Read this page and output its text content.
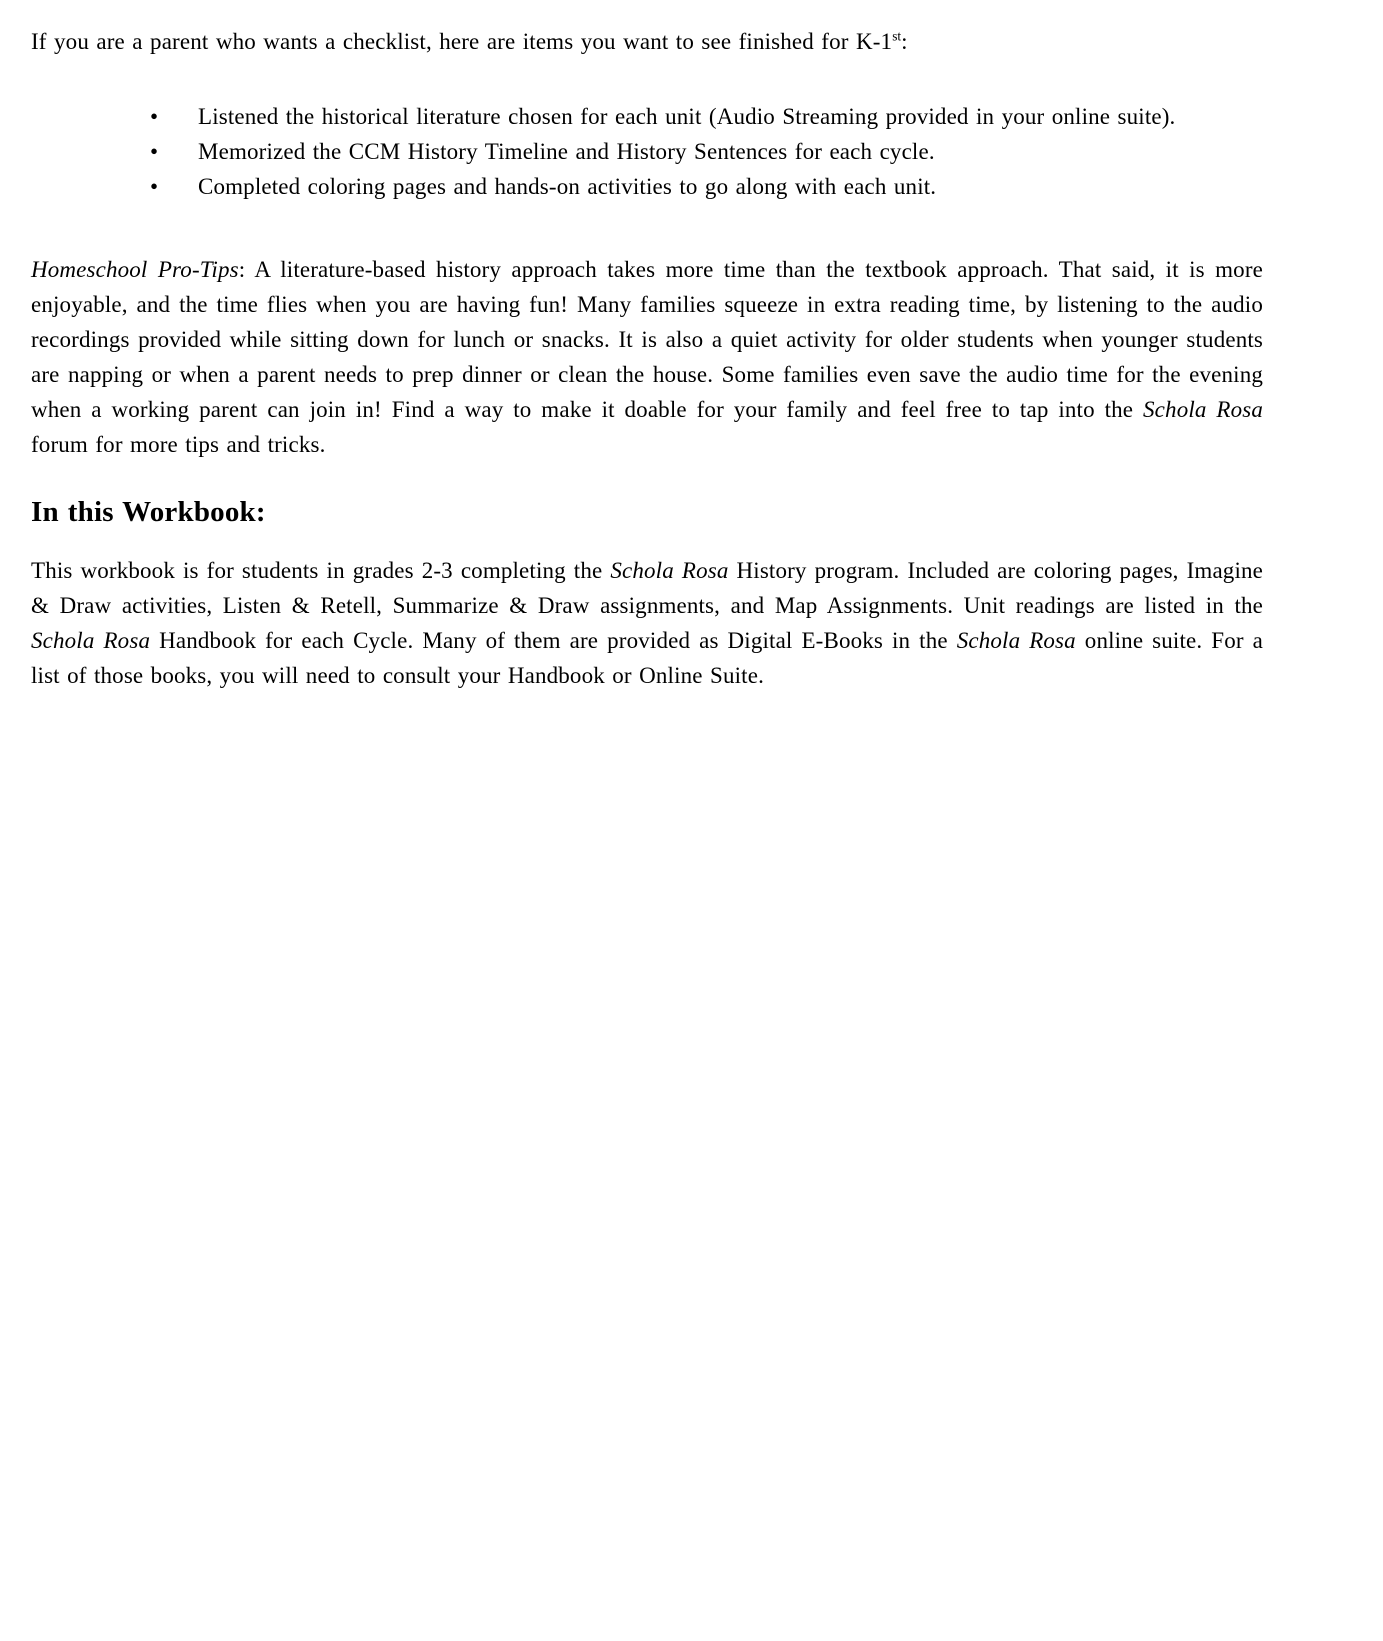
If you are a parent who wants a checklist, here are items you want to see finished for K-1st:

•	Listened the historical literature chosen for each unit (Audio Streaming provided in your online suite).
•	Memorized the CCM History Timeline and History Sentences for each cycle.
•	Completed coloring pages and hands-on activities to go along with each unit.

Homeschool Pro-Tips: A literature-based history approach takes more time than the textbook approach. That said, it is more enjoyable, and the time flies when you are having fun! Many families squeeze in extra reading time, by listening to the audio recordings provided while sitting down for lunch or snacks. It is also a quiet activity for older students when younger students are napping or when a parent needs to prep dinner or clean the house. Some families even save the audio time for the evening when a working parent can join in! Find a way to make it doable for your family and feel free to tap into the Schola Rosa forum for more tips and tricks.

In this Workbook:

This workbook is for students in grades 2-3 completing the Schola Rosa History program. Included are coloring pages, Imagine & Draw activities, Listen & Retell, Summarize & Draw assignments, and Map Assignments. Unit readings are listed in the Schola Rosa Handbook for each Cycle. Many of them are provided as Digital E-Books in the Schola Rosa online suite. For a list of those books, you will need to consult your Handbook or Online Suite.
